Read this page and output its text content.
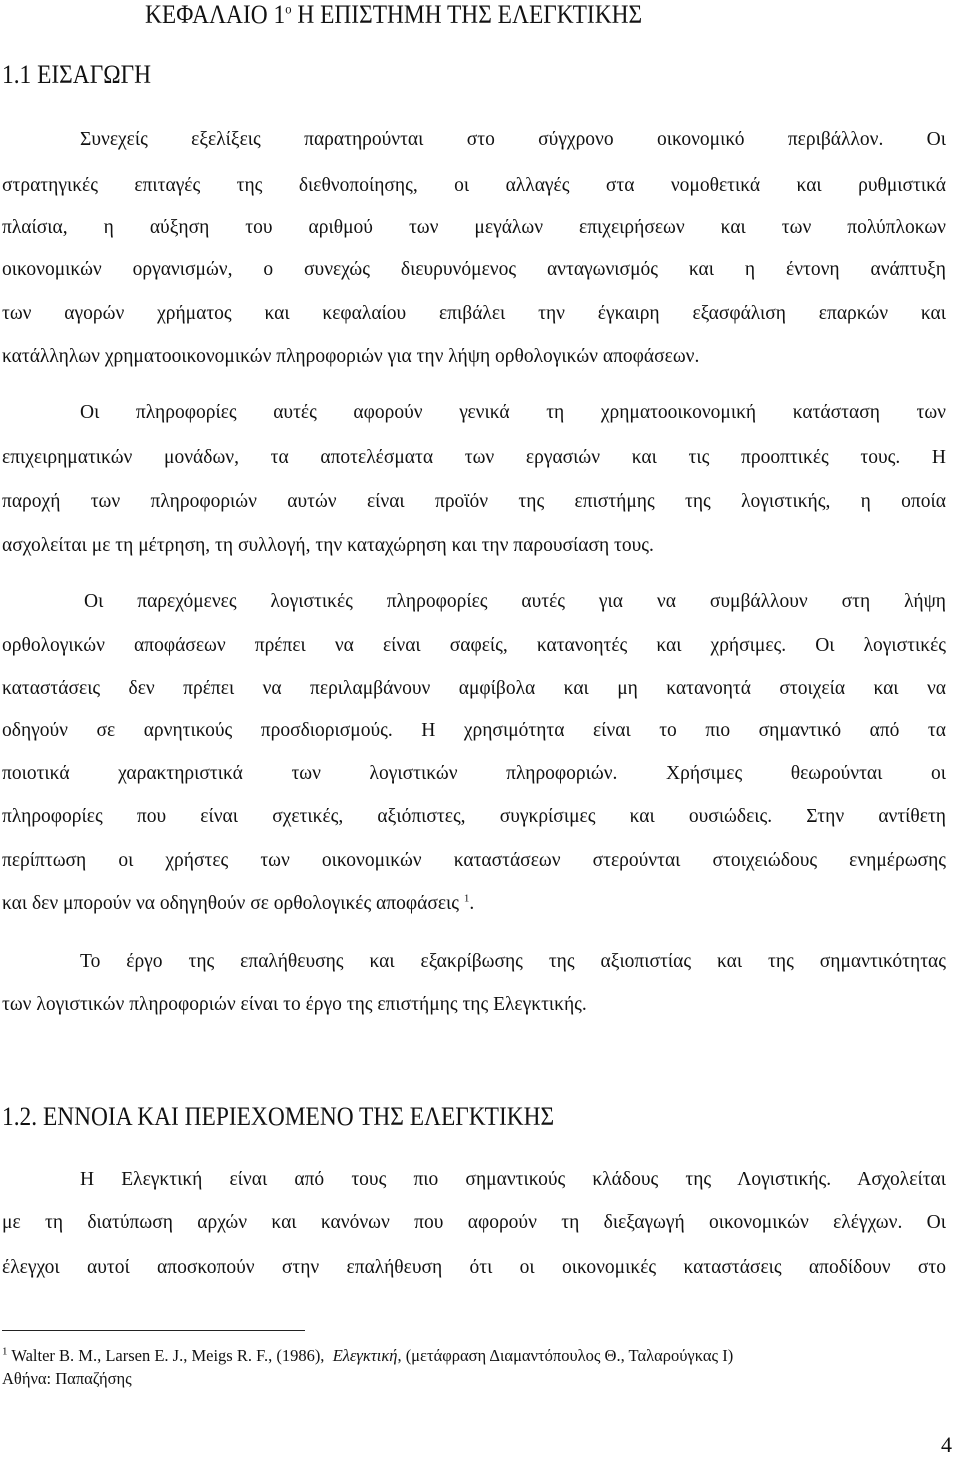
ΚΕΦΑΛΑΙΟ $1^o$ Η ΕΠΙΣΤΗΜΗ ΤΗΣ ΕΛΕΓΚΤΙΚΗΣ
1.1 ΕΙΣΑΓΩΓΗ
Συνεχείς εξελίξεις παρατηρούνται στο σύγχρονο οικονομικό περιβάλλον. Οι
στρατηγικές επιταγές της διεθνοποίησης, οι αλλαγές στα νομοθετικά και ρυθμιστικά
πλαίσια, η αύξηση του αριθμού των μεγάλων επιχειρήσεων και των πολύπλοκων
οικονομικών οργανισμών, ο συνεχώς διευρυνόμενος ανταγωνισμός και η έντονη ανάπτυξη
των αγορών χρήματος και κεφαλαίου επιβάλει την έγκαιρη εξασφάλιση επαρκών και
κατάλληλων χρηματοοικονομικών πληροφοριών για την λήψη ορθολογικών αποφάσεων.
Οι πληροφορίες αυτές αφορούν γενικά τη χρηματοοικονομική κατάσταση των
επιχειρηματικών μονάδων, τα αποτελέσματα των εργασιών και τις προοπτικές τους. Η
παροχή των πληροφοριών αυτών είναι προϊόν της επιστήμης της λογιστικής, η οποία
ασχολείται με τη μέτρηση, τη συλλογή, την καταχώρηση και την παρουσίαση τους.
Οι παρεχόμενες λογιστικές πληροφορίες αυτές για να συμβάλλουν στη λήψη
ορθολογικών αποφάσεων πρέπει να είναι σαφείς, κατανοητές και χρήσιμες. Οι λογιστικές
καταστάσεις δεν πρέπει να περιλαμβάνουν αμφίβολα και μη κατανοητά στοιχεία και να
οδηγούν σε αρνητικούς προσδιορισμούς. Η χρησιμότητα είναι το πιο σημαντικό από τα
ποιοτικά χαρακτηριστικά των λογιστικών πληροφοριών. Χρήσιμες θεωρούνται οι
πληροφορίες που είναι σχετικές, αξιόπιστες, συγκρίσιμες και ουσιώδεις. Στην αντίθετη
περίπτωση οι χρήστες των οικονομικών καταστάσεων στερούνται στοιχειώδους ενημέρωσης
και δεν μπορούν να οδηγηθούν σε ορθολογικές αποφάσεις $^1$.
Το έργο της επαλήθευσης και εξακρίβωσης της αξιοπιστίας και της σημαντικότητας
των λογιστικών πληροφοριών είναι το έργο της επιστήμης της Ελεγκτικής.
1.2. ΕΝΝΟΙΑ ΚΑΙ ΠΕΡΙΕΧΟΜΕΝΟ ΤΗΣ ΕΛΕΓΚΤΙΚΗΣ
Η Ελεγκτική είναι από τους πιο σημαντικούς κλάδους της Λογιστικής. Ασχολείται
με τη διατύπωση αρχών και κανόνων που αφορούν τη διεξαγωγή οικονομικών ελέγχων. Οι
έλεγχοι αυτοί αποσκοπούν στην επαλήθευση ότι οι οικονομικές καταστάσεις αποδίδουν στο
$^1$ Walter B. M., Larsen E. J., Meigs R. F., (1986), Ελεγκτική, (μετάφραση Διαμαντόπουλος Θ., Ταλαρούγκας Ι)
Αθήνα: Παπαζήσης
4
